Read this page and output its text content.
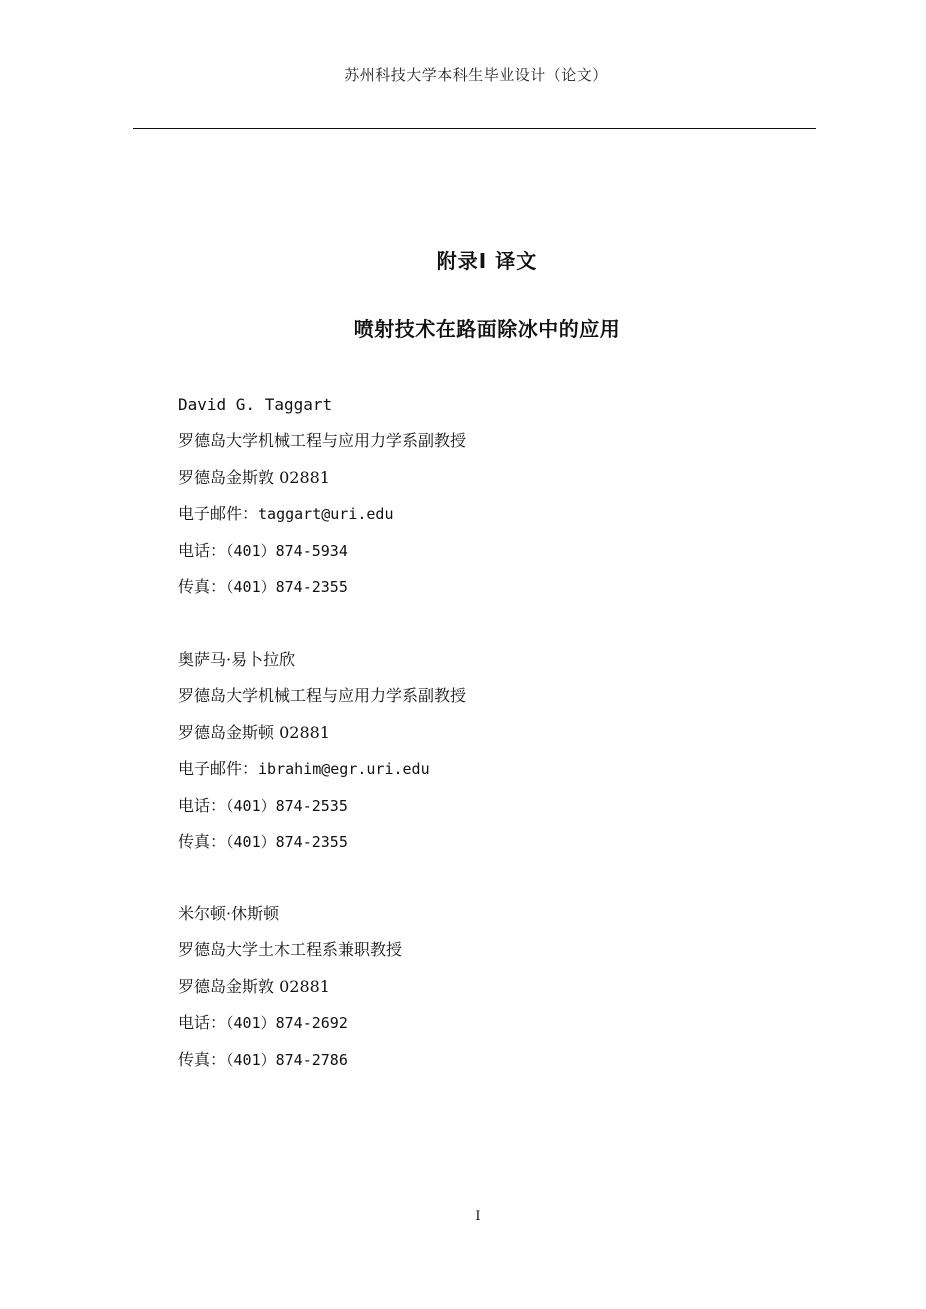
苏州科技大学本科生毕业设计（论文）
附录Ⅰ 译文
喷射技术在路面除冰中的应用
David G. Taggart
罗德岛大学机械工程与应用力学系副教授
罗德岛金斯敦 02881
电子邮件：taggart@uri.edu
电话：（401）874-5934
传真：（401）874-2355
奥萨马·易卜拉欣
罗德岛大学机械工程与应用力学系副教授
罗德岛金斯顿 02881
电子邮件：ibrahim@egr.uri.edu
电话：（401）874-2535
传真：（401）874-2355
米尔顿·休斯顿
罗德岛大学土木工程系兼职教授
罗德岛金斯敦 02881
电话：（401）874-2692
传真：（401）874-2786
I
